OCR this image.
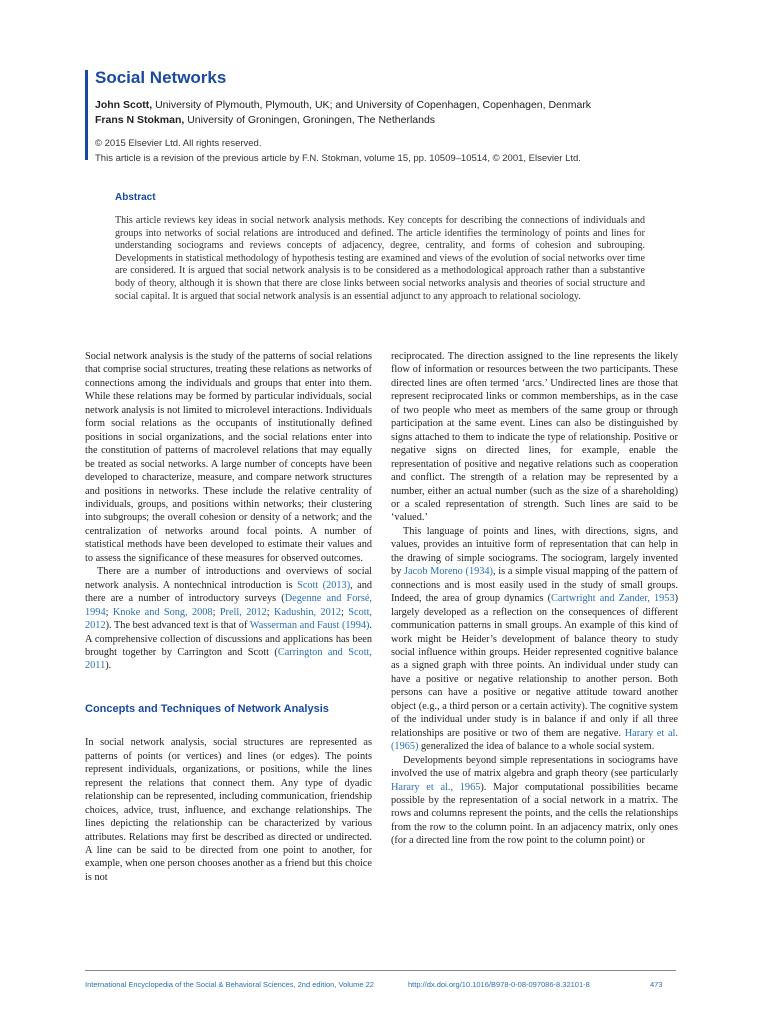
Social Networks
John Scott, University of Plymouth, Plymouth, UK; and University of Copenhagen, Copenhagen, Denmark
Frans N Stokman, University of Groningen, Groningen, The Netherlands
© 2015 Elsevier Ltd. All rights reserved.
This article is a revision of the previous article by F.N. Stokman, volume 15, pp. 10509–10514, © 2001, Elsevier Ltd.
Abstract

This article reviews key ideas in social network analysis methods. Key concepts for describing the connections of individuals and groups into networks of social relations are introduced and defined. The article identifies the terminology of points and lines for understanding sociograms and reviews concepts of adjacency, degree, centrality, and forms of cohesion and subrouping. Developments in statistical methodology of hypothesis testing are examined and views of the evolution of social networks over time are considered. It is argued that social network analysis is to be considered as a methodological approach rather than a substantive body of theory, although it is shown that there are close links between social networks analysis and theories of social structure and social capital. It is argued that social network analysis is an essential adjunct to any approach to relational sociology.

Social network analysis is the study of the patterns of social relations that comprise social structures, treating these relations as networks of connections among the individuals and groups that enter into them. While these relations may be formed by particular individuals, social network analysis is not limited to microlevel interactions. Individuals form social relations as the occupants of institutionally defined positions in social organizations, and the social relations enter into the constitution of patterns of macrolevel relations that may equally be treated as social networks. A large number of concepts have been developed to characterize, measure, and compare network structures and positions in networks. These include the relative centrality of individuals, groups, and positions within networks; their clustering into subgroups; the overall cohesion or density of a network; and the centralization of networks around focal points. A number of statistical methods have been developed to estimate their values and to assess the significance of these measures for observed outcomes.

There are a number of introductions and overviews of social network analysis. A nontechnical introduction is Scott (2013), and there are a number of introductory surveys (Degenne and Forsé, 1994; Knoke and Song, 2008; Prell, 2012; Kadushin, 2012; Scott, 2012). The best advanced text is that of Wasserman and Faust (1994). A comprehensive collection of discussions and applications has been brought together by Carrington and Scott (Carrington and Scott, 2011).

Concepts and Techniques of Network Analysis

In social network analysis, social structures are represented as patterns of points (or vertices) and lines (or edges). The points represent individuals, organizations, or positions, while the lines represent the relations that connect them. Any type of dyadic relationship can be represented, including communication, friendship choices, advice, trust, influence, and exchange relationships. The lines depicting the relationship can be characterized by various attributes. Relations may first be described as directed or undirected. A line can be said to be directed from one point to another, for example, when one person chooses another as a friend but this choice is not

reciprocated. The direction assigned to the line represents the likely flow of information or resources between the two participants. These directed lines are often termed ‘arcs.’ Undirected lines are those that represent reciprocated links or common memberships, as in the case of two people who meet as members of the same group or through participation at the same event. Lines can also be distinguished by signs attached to them to indicate the type of relationship. Positive or negative signs on directed lines, for example, enable the representation of positive and negative relations such as cooperation and conflict. The strength of a relation may be represented by a number, either an actual number (such as the size of a shareholding) or a scaled representation of strength. Such lines are said to be ‘valued.’

This language of points and lines, with directions, signs, and values, provides an intuitive form of representation that can help in the drawing of simple sociograms. The sociogram, largely invented by Jacob Moreno (1934), is a simple visual mapping of the pattern of connections and is most easily used in the study of small groups. Indeed, the area of group dynamics (Cartwright and Zander, 1953) largely developed as a reflection on the consequences of different communication patterns in small groups. An example of this kind of work might be Heider’s development of balance theory to study social influence within groups. Heider represented cognitive balance as a signed graph with three points. An individual under study can have a positive or negative relationship to another person. Both persons can have a positive or negative attitude toward another object (e.g., a third person or a certain activity). The cognitive system of the individual under study is in balance if and only if all three relationships are positive or two of them are negative. Harary et al. (1965) generalized the idea of balance to a whole social system.

Developments beyond simple representations in sociograms have involved the use of matrix algebra and graph theory (see particularly Harary et al., 1965). Major computational possibilities became possible by the representation of a social network in a matrix. The rows and columns represent the points, and the cells the relationships from the row to the column point. In an adjacency matrix, only ones (for a directed line from the row point to the column point) or

International Encyclopedia of the Social & Behavioral Sciences, 2nd edition, Volume 22	http://dx.doi.org/10.1016/B978-0-08-097086-8.32101-8	473
